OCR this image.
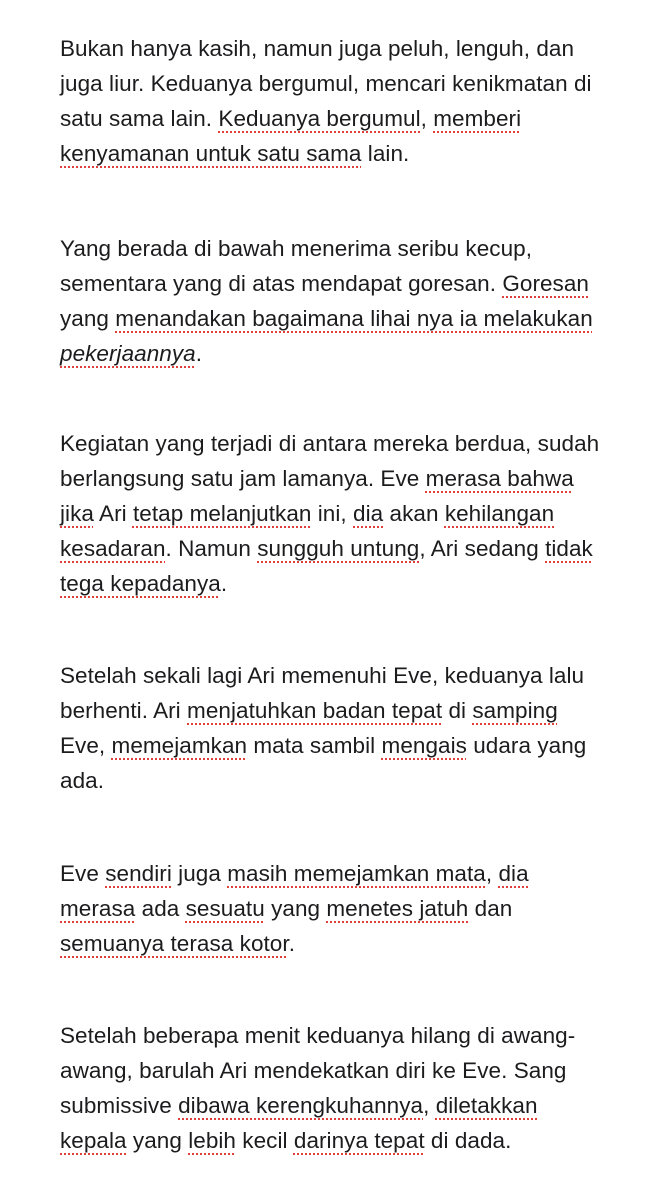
Bukan hanya kasih, namun juga peluh, lenguh, dan
juga liur. Keduanya bergumul, mencari kenikmatan di
satu sama lain. Keduanya bergumul, memberi
kenyamanan untuk satu sama lain.

Yang berada di bawah menerima seribu kecup,
sementara yang di atas mendapat goresan. Goresan
yang menandakan bagaimana lihai nya ia melakukan
pekerjaannya.

Kegiatan yang terjadi di antara mereka berdua, sudah
berlangsung satu jam lamanya. Eve merasa bahwa
jika Ari tetap melanjutkan ini, dia akan kehilangan
kesadaran. Namun sungguh untung, Ari sedang tidak
tega kepadanya.

Setelah sekali lagi Ari memenuhi Eve, keduanya lalu
berhenti. Ari menjatuhkan badan tepat di samping
Eve, memejamkan mata sambil mengais udara yang
ada.

Eve sendiri juga masih memejamkan mata, dia
merasa ada sesuatu yang menetes jatuh dan
semuanya terasa kotor.

Setelah beberapa menit keduanya hilang di awang-
awang, barulah Ari mendekatkan diri ke Eve. Sang
submissive dibawa kerengkuhannya, diletakkan
kepala yang lebih kecil darinya tepat di dada.
